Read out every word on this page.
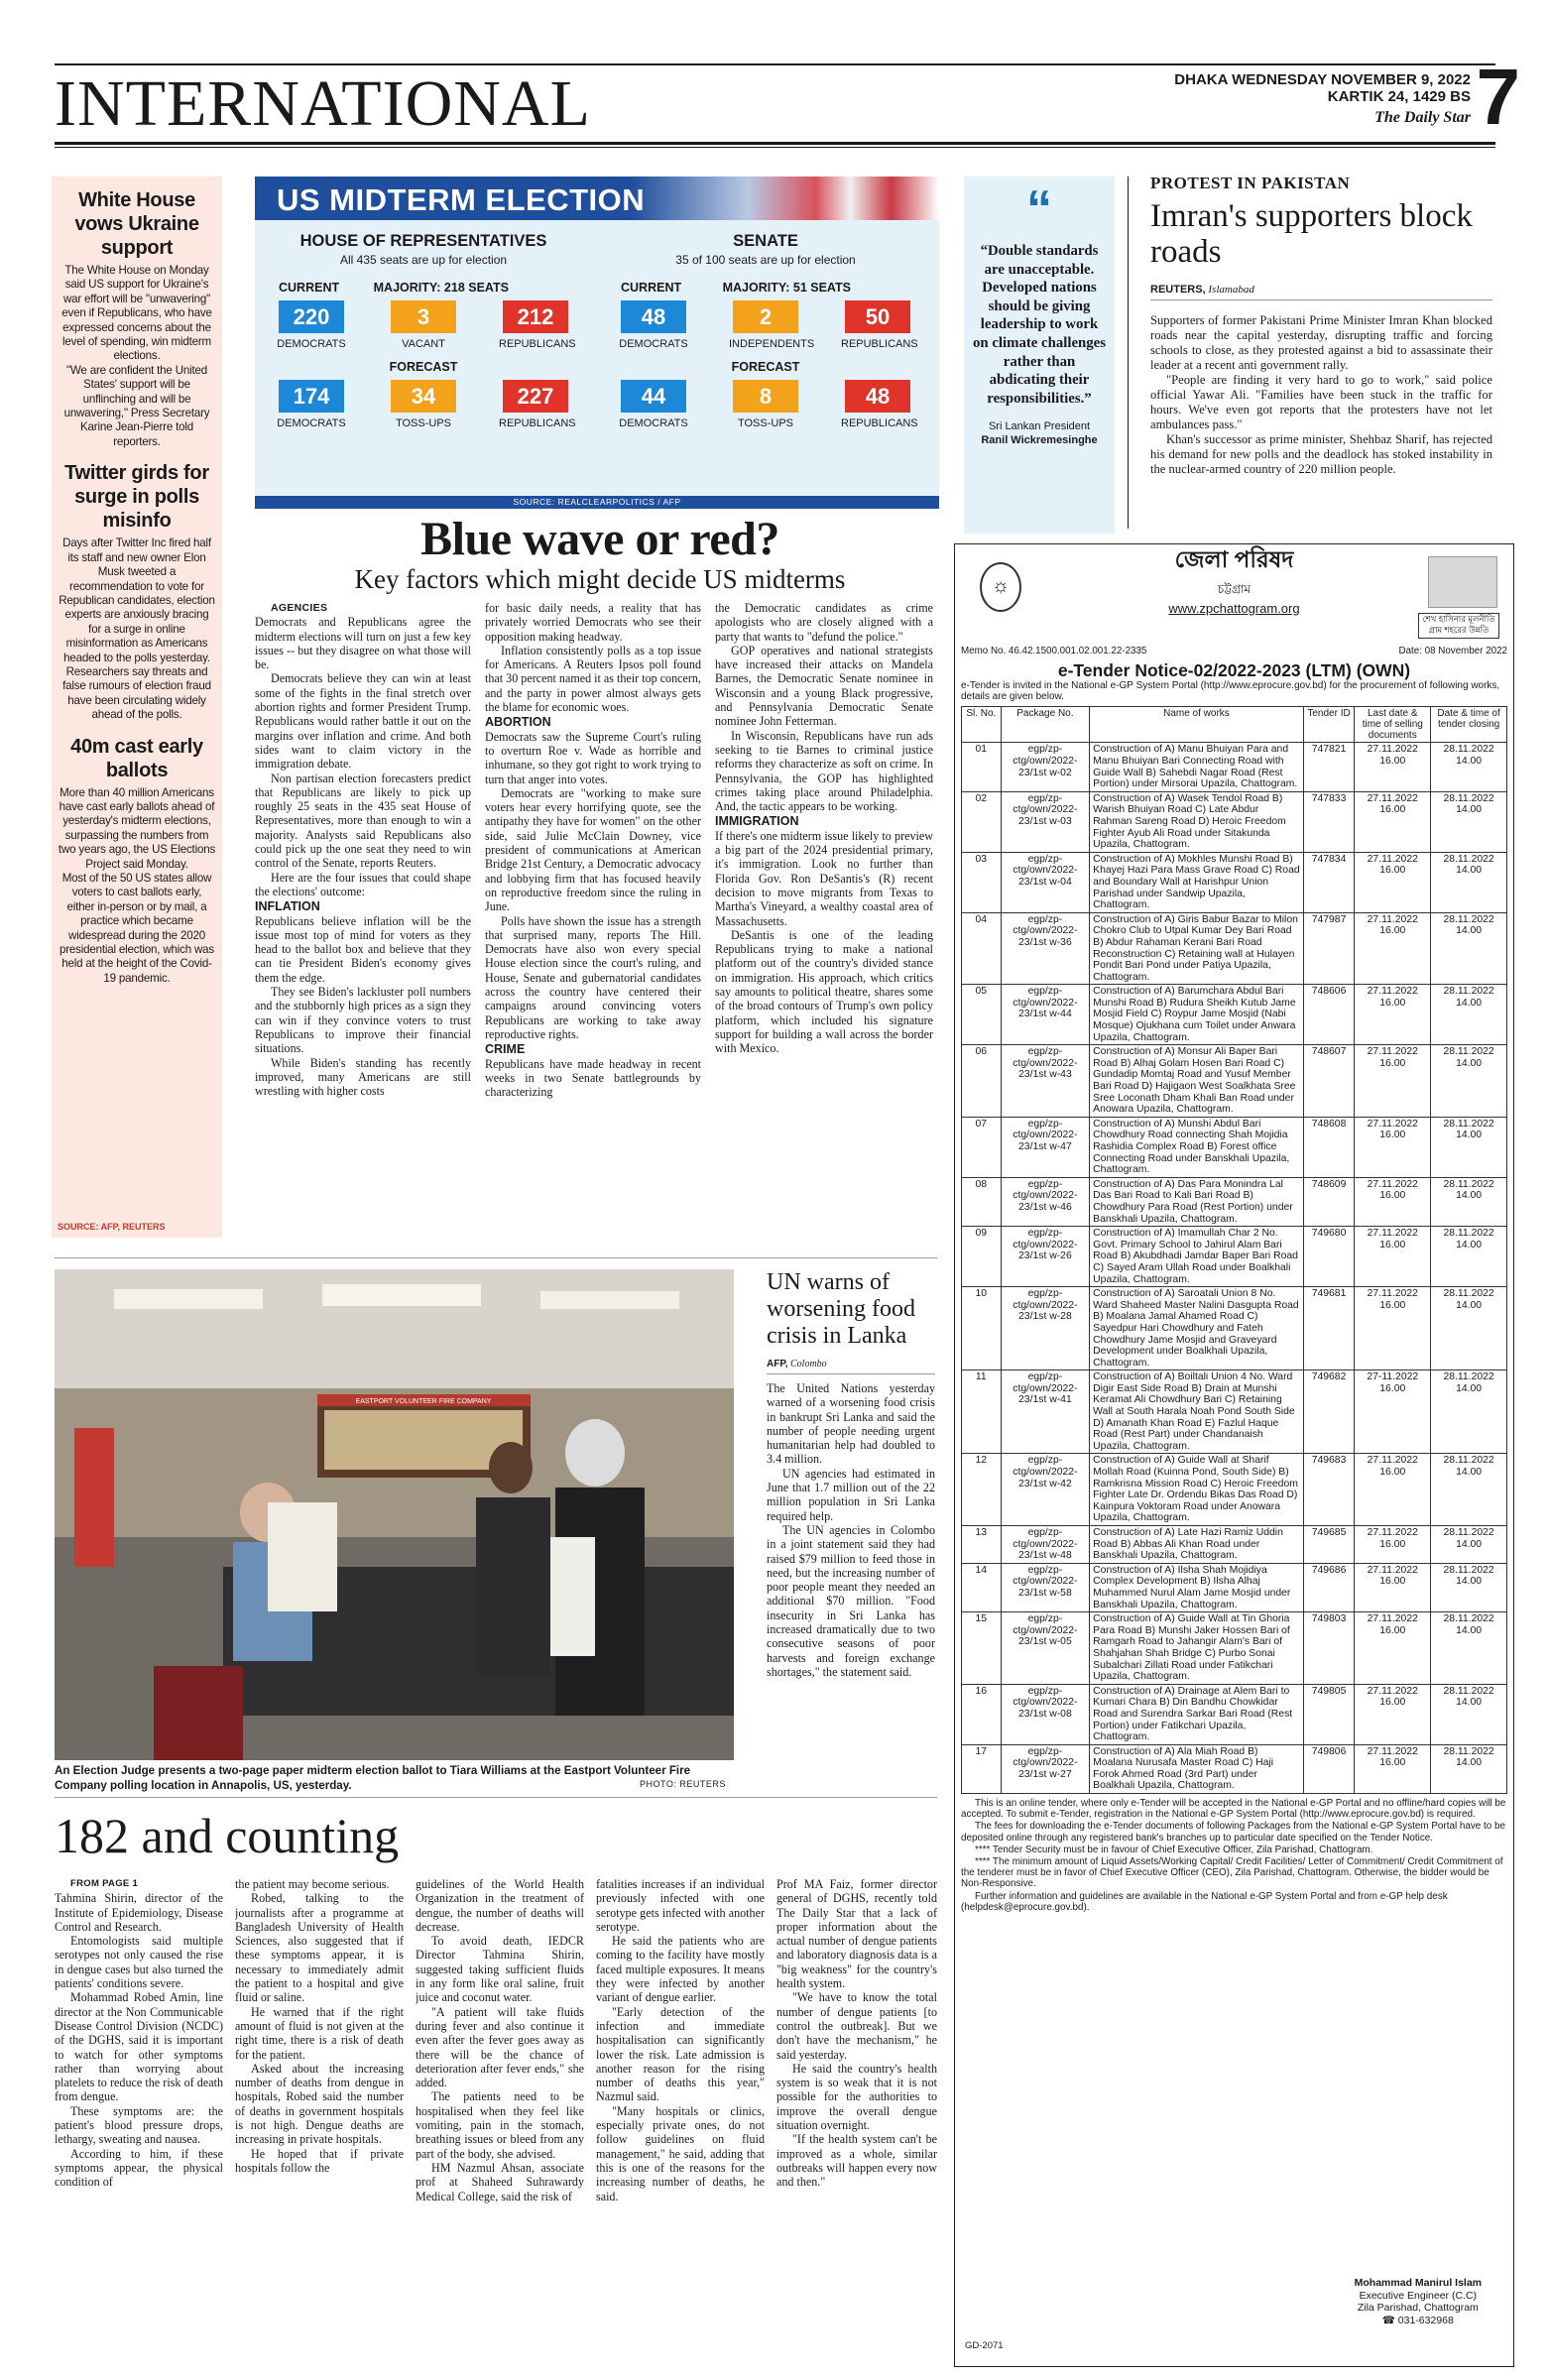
INTERNATIONAL	DHAKA WEDNESDAY NOVEMBER 9, 2022
KARTIK 24, 1429 BS
The Daily Star 7
White House vows Ukraine support
The White House on Monday said US support for Ukraine's war effort will be "unwavering" even if Republicans, who have expressed concerns about the level of spending, win midterm elections.
"We are confident the United States' support will be unflinching and will be unwavering," Press Secretary Karine Jean-Pierre told reporters.
Twitter girds for surge in polls misinfo
Days after Twitter Inc fired half its staff and new owner Elon Musk tweeted a recommendation to vote for Republican candidates, election experts are anxiously bracing for a surge in online misinformation as Americans headed to the polls yesterday. Researchers say threats and false rumours of election fraud have been circulating widely ahead of the polls.
40m cast early ballots
More than 40 million Americans have cast early ballots ahead of yesterday's midterm elections, surpassing the numbers from two years ago, the US Elections Project said Monday.
Most of the 50 US states allow voters to cast ballots early, either in-person or by mail, a practice which became widespread during the 2020 presidential election, which was held at the height of the Covid-19 pandemic.
SOURCE: AFP, REUTERS
US MIDTERM ELECTION
HOUSE OF REPRESENTATIVES
All 435 seats are up for election
CURRENT	MAJORITY: 218 SEATS
220	3	212
DEMOCRATS	VACANT	REPUBLICANS
FORECAST
174	34	227
DEMOCRATS	TOSS-UPS	REPUBLICANS
SENATE
35 of 100 seats are up for election
CURRENT	MAJORITY: 51 SEATS
48	2	50
DEMOCRATS	INDEPENDENTS REPUBLICANS
FORECAST
44	8	48
DEMOCRATS	TOSS-UPS	REPUBLICANS
SOURCE: REALCLEARPOLITICS / AFP
Blue wave or red?
Key factors which might decide US midterms

AGENCIES

Democrats and Republicans agree the midterm elections will turn on just a few key issues -- but they disagree on what those will be.

Democrats believe they can win at least some of the fights in the final stretch over abortion rights and former President Trump. Republicans would rather battle it out on the margins over inflation and crime. And both sides want to claim victory in the immigration debate.

Non partisan election forecasters predict that Republicans are likely to pick up roughly 25 seats in the 435 seat House of Representatives, more than enough to win a majority. Analysts said Republicans also could pick up the one seat they need to win control of the Senate, reports Reuters.

Here are the four issues that could shape the elections' outcome:

INFLATION

Republicans believe inflation will be the issue most top of mind for voters as they head to the ballot box and believe that they can tie President Biden's economy gives them the edge.

They see Biden's lackluster poll numbers and the stubbornly high prices as a sign they can win if they convince voters to trust Republicans to improve their financial situations.

While Biden's standing has recently improved, many Americans are still wrestling with higher costs

for basic daily needs, a reality that has privately worried Democrats who see their opposition making headway.

Inflation consistently polls as a top issue for Americans. A Reuters Ipsos poll found that 30 percent named it as their top concern, and the party in power almost always gets the blame for economic woes.

ABORTION

Democrats saw the Supreme Court's ruling to overturn Roe v. Wade as horrible and inhumane, so they got right to work trying to turn that anger into votes.

Democrats are "working to make sure voters hear every horrifying quote, see the antipathy they have for women" on the other side, said Julie McClain Downey, vice president of communications at American Bridge 21st Century, a Democratic advocacy and lobbying firm that has focused heavily on reproductive freedom since the ruling in June.

Polls have shown the issue has a strength that surprised many, reports The Hill. Democrats have also won every special House election since the court's ruling, and House, Senate and gubernatorial candidates across the country have centered their campaigns around convincing voters Republicans are working to take away reproductive rights.

CRIME

Republicans have made headway in recent weeks in two Senate battlegrounds by characterizing

the Democratic candidates as crime apologists who are closely aligned with a party that wants to "defund the police."

GOP operatives and national strategists have increased their attacks on Mandela Barnes, the Democratic Senate nominee in Wisconsin and a young Black progressive, and Pennsylvania Democratic Senate nominee John Fetterman.

In Wisconsin, Republicans have run ads seeking to tie Barnes to criminal justice reforms they characterize as soft on crime. In Pennsylvania, the GOP has highlighted crimes taking place around Philadelphia. And, the tactic appears to be working.

IMMIGRATION

If there's one midterm issue likely to preview a big part of the 2024 presidential primary, it's immigration. Look no further than Florida Gov. Ron DeSantis's (R) recent decision to move migrants from Texas to Martha's Vineyard, a wealthy coastal area of Massachusetts.

DeSantis is one of the leading Republicans trying to make a national platform out of the country's divided stance on immigration. His approach, which critics say amounts to political theatre, shares some of the broad contours of Trump's own policy platform, which included his signature support for building a wall across the border with Mexico.

“
“Double standards are unacceptable. Developed nations should be giving leadership to work on climate challenges rather than abdicating their responsibilities.”
Sri Lankan President
Ranil Wickremesinghe
PROTEST IN PAKISTAN
Imran's supporters block roads
REUTERS, Islamabad

Supporters of former Pakistani Prime Minister Imran Khan blocked roads near the capital yesterday, disrupting traffic and forcing schools to close, as they protested against a bid to assassinate their leader at a recent anti government rally.

"People are finding it very hard to go to work," said police official Yawar Ali. "Families have been stuck in the traffic for hours. We've even got reports that the protesters have not let ambulances pass."

Khan's successor as prime minister, Shehbaz Sharif, has rejected his demand for new polls and the deadlock has stoked instability in the nuclear-armed country of 220 million people.

☼
জেলা পরিষদ
চট্টগ্রাম
www.zpchattogram.org
শেখ হাসিনার মূলনীতি গ্রাম শহরের উন্নতি
Memo No. 46.42.1500.001.02.001.22-2335	Date: 08 November 2022
e-Tender Notice-02/2022-2023 (LTM) (OWN)
e-Tender is invited in the National e-GP System Portal (http://www.eprocure.gov.bd) for the procurement of following works, details are given below.
Sl. No.	Package No.	Name of works	Tender ID	Last date & time of selling documents	Date & time of tender closing
01	egp/zp-ctg/own/2022-23/1st w-02	Construction of A) Manu Bhuiyan Para and Manu Bhuiyan Bari Connecting Road with Guide Wall B) Sahebdi Nagar Road (Rest Portion) under Mirsorai Upazila, Chattogram.	747821	27.11.2022 16.00	28.11.2022 14.00
02	egp/zp-ctg/own/2022-23/1st w-03	Construction of A) Wasek Tendol Road B) Warish Bhuiyan Road C) Late Abdur Rahman Sareng Road D) Heroic Freedom Fighter Ayub Ali Road under Sitakunda Upazila, Chattogram.	747833	27.11.2022 16.00	28.11.2022 14.00
03	egp/zp-ctg/own/2022-23/1st w-04	Construction of A) Mokhles Munshi Road B) Khayej Hazi Para Mass Grave Road C) Road and Boundary Wall at Harishpur Union Parishad under Sandwip Upazila, Chattogram.	747834	27.11.2022 16.00	28.11.2022 14.00
04	egp/zp-ctg/own/2022-23/1st w-36	Construction of A) Giris Babur Bazar to Milon Chokro Club to Utpal Kumar Dey Bari Road B) Abdur Rahaman Kerani Bari Road Reconstruction C) Retaining wall at Hulayen Pondit Bari Pond under Patiya Upazila, Chattogram.	747987	27.11.2022 16.00	28.11.2022 14.00
05	egp/zp-ctg/own/2022-23/1st w-44	Construction of A) Barumchara Abdul Bari Munshi Road B) Rudura Sheikh Kutub Jame Mosjid Field C) Roypur Jame Mosjid (Nabi Mosque) Ojukhana cum Toilet under Anwara Upazila, Chattogram.	748606	27.11.2022 16.00	28.11.2022 14.00
06	egp/zp-ctg/own/2022-23/1st w-43	Construction of A) Monsur Ali Baper Bari Road B) Alhaj Golam Hosen Bari Road C) Gundadip Momtaj Road and Yusuf Member Bari Road D) Hajigaon West Soalkhata Sree Sree Loconath Dham Khali Ban Road under Anowara Upazila, Chattogram.	748607	27.11.2022 16.00	28.11.2022 14.00
07	egp/zp-ctg/own/2022-23/1st w-47	Construction of A) Munshi Abdul Bari Chowdhury Road connecting Shah Mojidia Rashidia Complex Road B) Forest office Connecting Road under Banskhali Upazila, Chattogram.	748608	27.11.2022 16.00	28.11.2022 14.00
08	egp/zp-ctg/own/2022-23/1st w-46	Construction of A) Das Para Monindra Lal Das Bari Road to Kali Bari Road B) Chowdhury Para Road (Rest Portion) under Banskhali Upazila, Chattogram.	748609	27.11.2022 16.00	28.11.2022 14.00
09	egp/zp-ctg/own/2022-23/1st w-26	Construction of A) Imamullah Char 2 No. Govt. Primary School to Jahirul Alam Bari Road B) Akubdhadi Jamdar Baper Bari Road C) Sayed Aram Ullah Road under Boalkhali Upazila, Chattogram.	749680	27.11.2022 16.00	28.11.2022 14.00
10	egp/zp-ctg/own/2022-23/1st w-28	Construction of A) Saroatali Union 8 No. Ward Shaheed Master Nalini Dasgupta Road B) Moalana Jamal Ahamed Road C) Sayedpur Hari Chowdhury and Fateh Chowdhury Jame Mosjid and Graveyard Development under Boalkhali Upazila, Chattogram.	749681	27.11.2022 16.00	28.11.2022 14.00
11	egp/zp-ctg/own/2022-23/1st w-41	Construction of A) Boiltali Union 4 No. Ward Digir East Side Road B) Drain at Munshi Keramat Ali Chowdhury Bari C) Retaining Wall at South Harala Noah Pond South Side D) Amanath Khan Road E) Fazlul Haque Road (Rest Part) under Chandanaish Upazila, Chattogram.	749682	27-11.2022 16.00	28.11.2022 14.00
12	egp/zp-ctg/own/2022-23/1st w-42	Construction of A) Guide Wall at Sharif Mollah Road (Kuinna Pond, South Side) B) Ramkrisna Mission Road C) Heroic Freedom Fighter Late Dr. Ordendu Bikas Das Road D) Kainpura Voktoram Road under Anowara Upazila, Chattogram.	749683	27.11.2022 16.00	28.11.2022 14.00
13	egp/zp-ctg/own/2022-23/1st w-48	Construction of A) Late Hazi Ramiz Uddin Road B) Abbas Ali Khan Road under Banskhali Upazila, Chattogram.	749685	27.11.2022 16.00	28.11.2022 14.00
14	egp/zp-ctg/own/2022-23/1st w-58	Construction of A) Ilsha Shah Mojidiya Complex Development B) Ilsha Alhaj Muhammed Nurul Alam Jame Mosjid under Banskhali Upazila, Chattogram.	749686	27.11.2022 16.00	28.11.2022 14.00
15	egp/zp-ctg/own/2022-23/1st w-05	Construction of A) Guide Wall at Tin Ghoria Para Road B) Munshi Jaker Hossen Bari of Ramgarh Road to Jahangir Alam's Bari of Shahjahan Shah Bridge C) Purbo Sonai Subalchari Zillati Road under Fatikchari Upazila, Chattogram.	749803	27.11.2022 16.00	28.11.2022 14.00
16	egp/zp-ctg/own/2022-23/1st w-08	Construction of A) Drainage at Alem Bari to Kumari Chara B) Din Bandhu Chowkidar Road and Surendra Sarkar Bari Road (Rest Portion) under Fatikchari Upazila, Chattogram.	749805	27.11.2022 16.00	28.11.2022 14.00
17	egp/zp-ctg/own/2022-23/1st w-27	Construction of A) Ala Miah Road B) Moalana Nurusafa Master Road C) Haji Forok Ahmed Road (3rd Part) under Boalkhali Upazila, Chattogram.	749806	27.11.2022 16.00	28.11.2022 14.00

This is an online tender, where only e-Tender will be accepted in the National e-GP Portal and no offline/hard copies will be accepted. To submit e-Tender, registration in the National e-GP System Portal (http://www.eprocure.gov.bd) is required.

The fees for downloading the e-Tender documents of following Packages from the National e-GP System Portal have to be deposited online through any registered bank's branches up to particular date specified on the Tender Notice.

**** Tender Security must be in favour of Chief Executive Officer, Zila Parishad, Chattogram.

**** The minimum amount of Liquid Assets/Working Capital/ Credit Facilities/ Letter of Commitment/ Credit Commitment of the tenderer must be in favor of Chief Executive Officer (CEO), Zila Parishad, Chattogram. Otherwise, the bidder would be Non-Responsive.

Further information and guidelines are available in the National e-GP System Portal and from e-GP help desk (helpdesk@eprocure.gov.bd).

Mohammad Manirul Islam
Executive Engineer (C.C)
Zila Parishad, Chattogram
☎ 031-632968
GD-2071
EASTPORT VOLUNTEER FIRE COMPANY
An Election Judge presents a two-page paper midterm election ballot to Tiara Williams at the Eastport Volunteer Fire Company polling location in Annapolis, US, yesterday.	PHOTO: REUTERS
UN warns of worsening food crisis in Lanka
AFP, Colombo

The United Nations yesterday warned of a worsening food crisis in bankrupt Sri Lanka and said the number of people needing urgent humanitarian help had doubled to 3.4 million.

UN agencies had estimated in June that 1.7 million out of the 22 million population in Sri Lanka required help.

The UN agencies in Colombo in a joint statement said they had raised $79 million to feed those in need, but the increasing number of poor people meant they needed an additional $70 million. "Food insecurity in Sri Lanka has increased dramatically due to two consecutive seasons of poor harvests and foreign exchange shortages," the statement said.

182 and counting

FROM PAGE 1

Tahmina Shirin, director of the Institute of Epidemiology, Disease Control and Research.

Entomologists said multiple serotypes not only caused the rise in dengue cases but also turned the patients' conditions severe.

Mohammad Robed Amin, line director at the Non Communicable Disease Control Division (NCDC) of the DGHS, said it is important to watch for other symptoms rather than worrying about platelets to reduce the risk of death from dengue.

These symptoms are: the patient's blood pressure drops, lethargy, sweating and nausea.

According to him, if these symptoms appear, the physical condition of

the patient may become serious.

Robed, talking to the journalists after a programme at Bangladesh University of Health Sciences, also suggested that if these symptoms appear, it is necessary to immediately admit the patient to a hospital and give fluid or saline.

He warned that if the right amount of fluid is not given at the right time, there is a risk of death for the patient.

Asked about the increasing number of deaths from dengue in hospitals, Robed said the number of deaths in government hospitals is not high. Dengue deaths are increasing in private hospitals.

He hoped that if private hospitals follow the

guidelines of the World Health Organization in the treatment of dengue, the number of deaths will decrease.

To avoid death, IEDCR Director Tahmina Shirin, suggested taking sufficient fluids in any form like oral saline, fruit juice and coconut water.

"A patient will take fluids during fever and also continue it even after the fever goes away as there will be the chance of deterioration after fever ends," she added.

The patients need to be hospitalised when they feel like vomiting, pain in the stomach, breathing issues or bleed from any part of the body, she advised.

HM Nazmul Ahsan, associate prof at Shaheed Suhrawardy Medical College, said the risk of

fatalities increases if an individual previously infected with one serotype gets infected with another serotype.

He said the patients who are coming to the facility have mostly faced multiple exposures. It means they were infected by another variant of dengue earlier.

"Early detection of the infection and immediate hospitalisation can significantly lower the risk. Late admission is another reason for the rising number of deaths this year," Nazmul said.

"Many hospitals or clinics, especially private ones, do not follow guidelines on fluid management," he said, adding that this is one of the reasons for the increasing number of deaths, he said.

Prof MA Faiz, former director general of DGHS, recently told The Daily Star that a lack of proper information about the actual number of dengue patients and laboratory diagnosis data is a "big weakness" for the country's health system.

"We have to know the total number of dengue patients [to control the outbreak]. But we don't have the mechanism," he said yesterday.

He said the country's health system is so weak that it is not possible for the authorities to improve the overall dengue situation overnight.

"If the health system can't be improved as a whole, similar outbreaks will happen every now and then."
